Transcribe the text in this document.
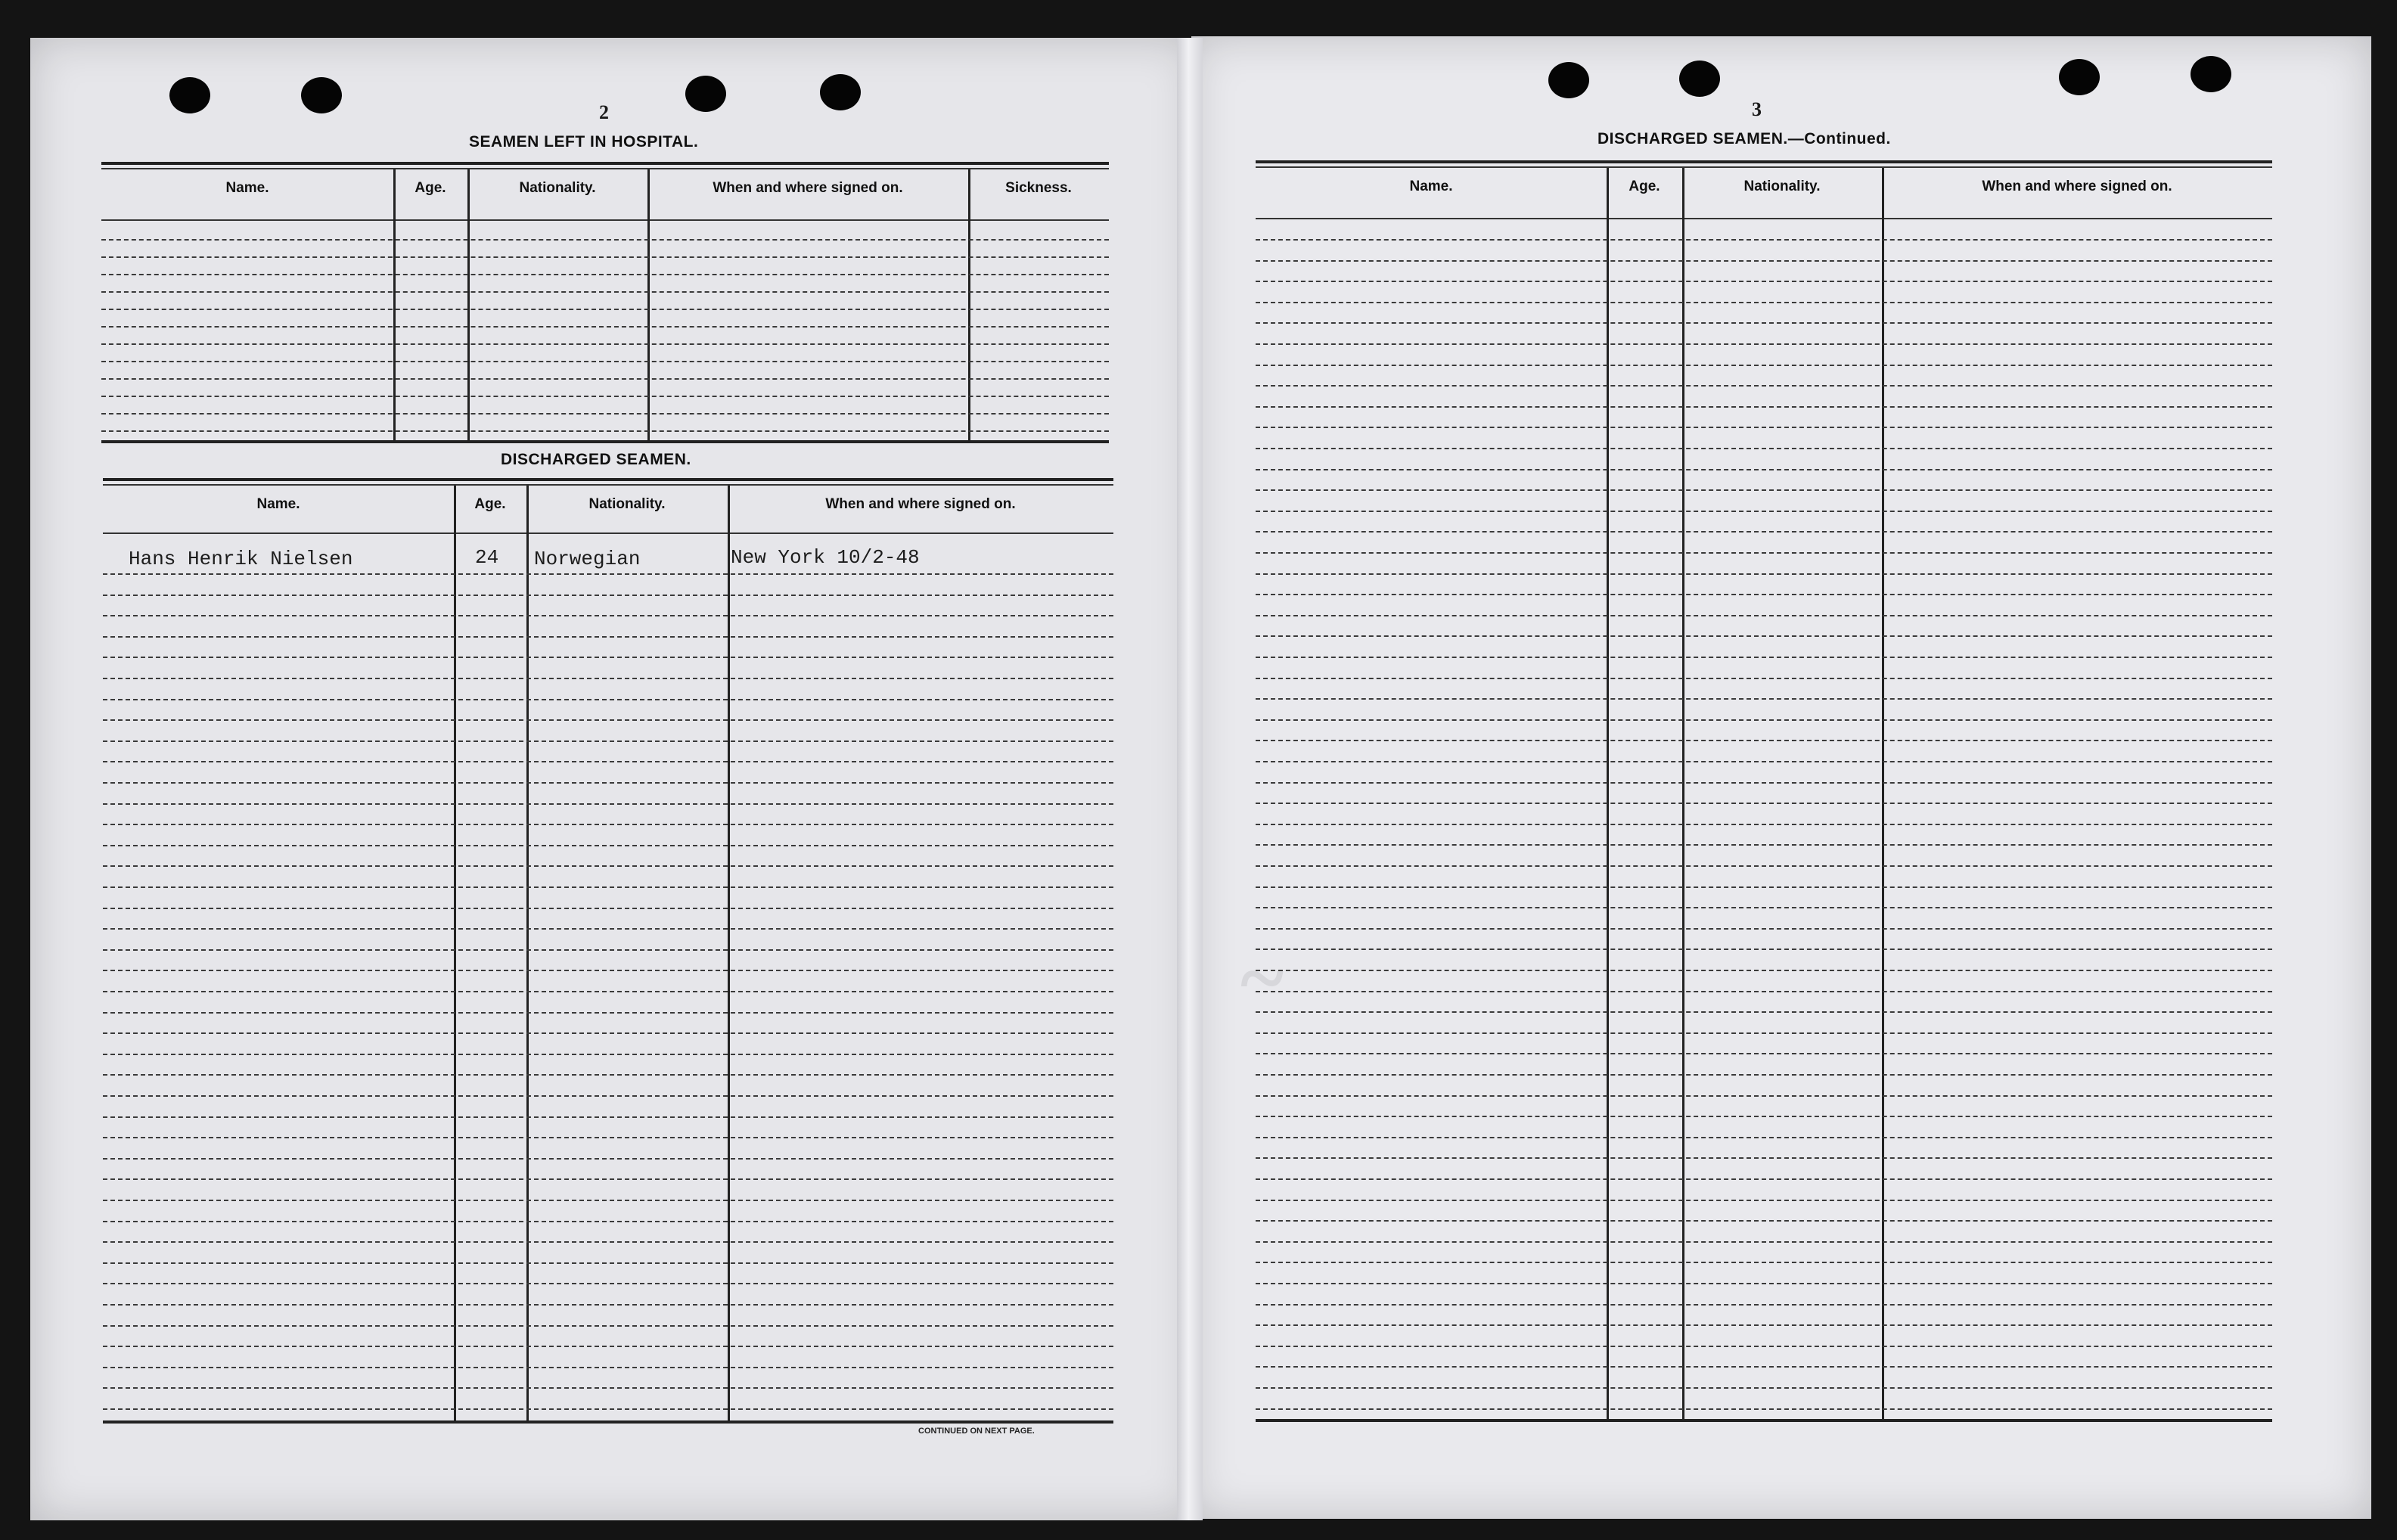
~
2
SEAMEN LEFT IN HOSPITAL.
Name.	Age.	Nationality.	When and where signed on.	Sickness.
DISCHARGED SEAMEN.
Name.	Age.	Nationality.	When and where signed on.
Hans Henrik Nielsen	24 Norwegian	New York 10/2-48
CONTINUED ON NEXT PAGE.
3
DISCHARGED SEAMEN.—Continued.
Name.	Age.	Nationality.	When and where signed on.
